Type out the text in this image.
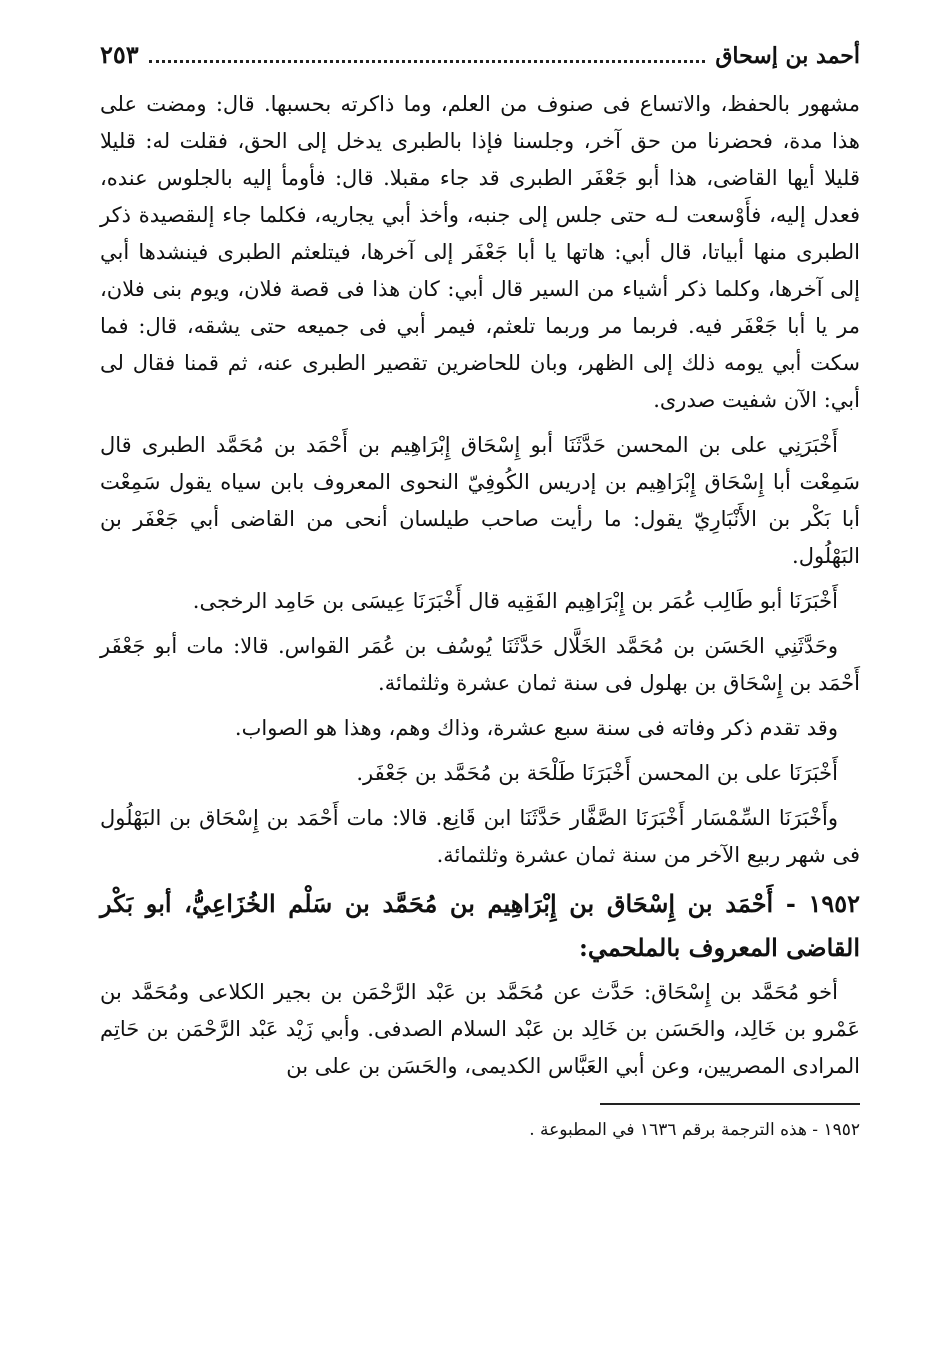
أحمد بن إسحاق
٢٥٣

مشهور بالحفظ، والاتساع فى صنوف من العلم، وما ذاكرته بحسبها. قال: ومضت على هذا مدة، فحضرنا من حق آخر، وجلسنا فإذا بالطبرى يدخل إلى الحق، فقلت له: قليلا قليلا أيها القاضى، هذا أبو جَعْفَر الطبرى قد جاء مقبلا. قال: فأومأ إليه بالجلوس عنده، فعدل إليه، فأَوْسعت لـه حتى جلس إلى جنبه، وأخذ أبي يجاريه، فكلما جاء إلىقصيدة ذكر الطبرى منها أبياتا، قال أبي: هاتها يا أبا جَعْفَر إلى آخرها، فيتلعثم الطبرى فينشدها أبي إلى آخرها، وكلما ذكر أشياء من السير قال أبي: كان هذا فى قصة فلان، ويوم بنى فلان، مر يا أبا جَعْفَر فيه. فربما مر وربما تلعثم، فيمر أبي فى جميعه حتى يشقه، قال: فما سكت أبي يومه ذلك إلى الظهر، وبان للحاضرين تقصير الطبرى عنه، ثم قمنا فقال لى أبي: الآن شفيت صدرى.

أَخْبَرَنِي على بن المحسن حَدَّثَنَا أبو إِسْحَاق إِبْرَاهِيم بن أَحْمَد بن مُحَمَّد الطبرى قال سَمِعْت أبا إِسْحَاق إِبْرَاهِيم بن إدريس الكُوفِيّ النحوى المعروف بابن سياه يقول سَمِعْت أبا بَكْر بن الأَنْبَارِيّ يقول: ما رأيت صاحب طيلسان أنحى من القاضى أبي جَعْفَر بن البَهْلُول.

أَخْبَرَنَا أبو طَالِب عُمَر بن إِبْرَاهِيم الفَقِيه قال أَخْبَرَنَا عِيسَى بن حَامِد الرخجى.

وحَدَّثَنِي الحَسَن بن مُحَمَّد الخَلَّال حَدَّثَنَا يُوسُف بن عُمَر القواس. قالا: مات أبو جَعْفَر أَحْمَد بن إِسْحَاق بن بهلول فى سنة ثمان عشرة وثلثمائة.

وقد تقدم ذكر وفاته فى سنة سبع عشرة، وذاك وهم، وهذا هو الصواب.

أَخْبَرَنَا على بن المحسن أَخْبَرَنَا طَلْحَة بن مُحَمَّد بن جَعْفَر.

وأَخْبَرَنَا السِّمْسَار أَخْبَرَنَا الصَّفَّار حَدَّثَنَا ابن قَانِع. قالا: مات أَحْمَد بن إِسْحَاق بن البَهْلُول فى شهر ربيع الآخر من سنة ثمان عشرة وثلثمائة.

١٩٥٢ - أَحْمَد بن إِسْحَاق بن إِبْرَاهِيم بن مُحَمَّد بن سَلْم الخُزَاعِيُّ، أبو بَكْر القاضى المعروف بالملحمي:

أخو مُحَمَّد بن إِسْحَاق: حَدَّث عن مُحَمَّد بن عَبْد الرَّحْمَن بن بجير الكلاعى ومُحَمَّد بن عَمْرو بن خَالِد، والحَسَن بن خَالِد بن عَبْد السلام الصدفى. وأبي زَيْد عَبْد الرَّحْمَن بن حَاتِم المرادى المصريين، وعن أبي العَبَّاس الكديمى، والحَسَن بن على بن

١٩٥٢ - هذه الترجمة برقم ١٦٣٦ في المطبوعة .
